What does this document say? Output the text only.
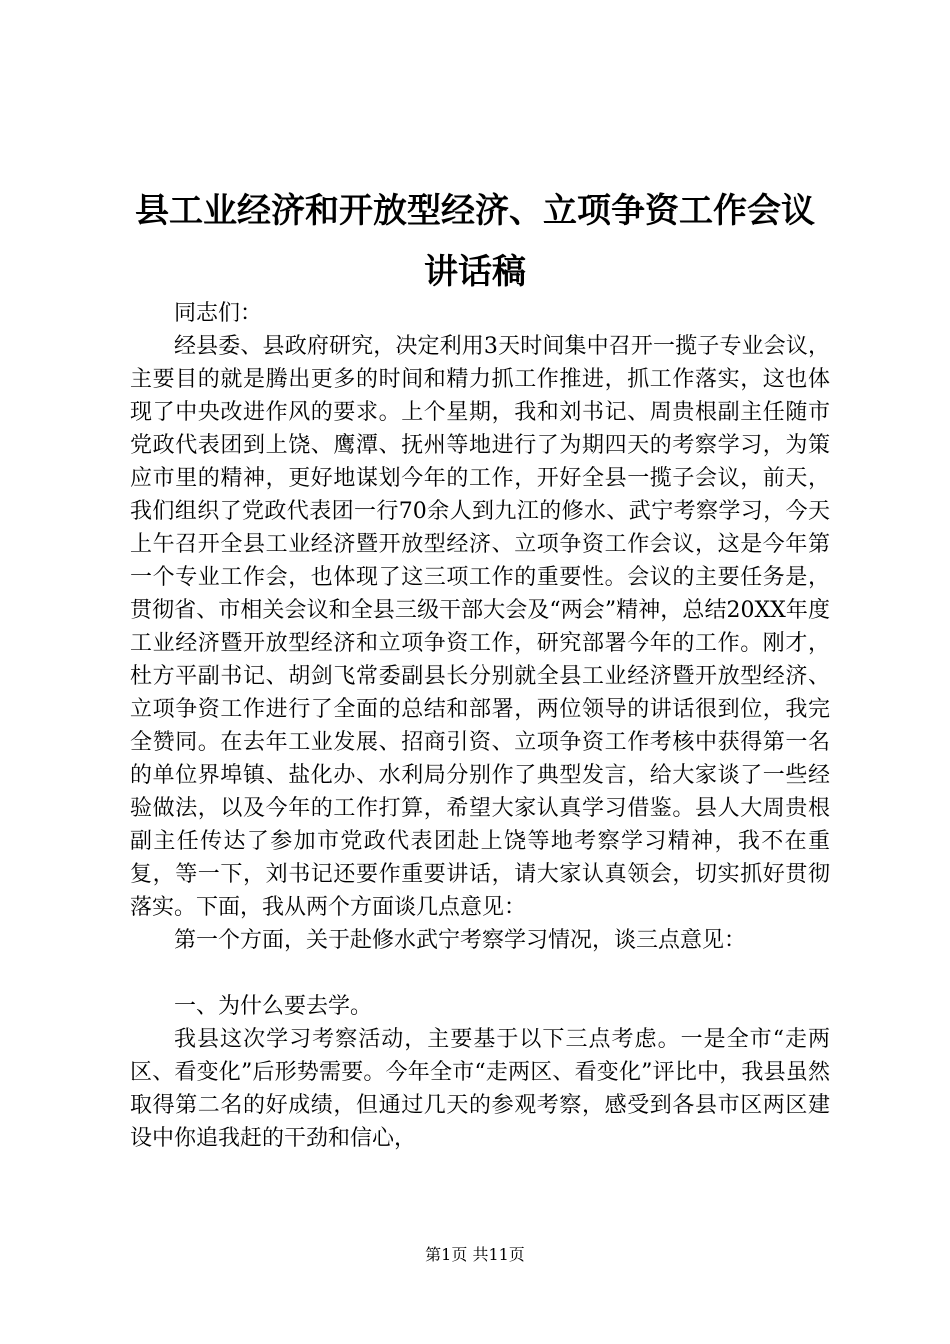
县工业经济和开放型经济、立项争资工作会议
讲话稿

同志们：

经县委、县政府研究，决定利用3天时间集中召开一揽子专业会议，主要目的就是腾出更多的时间和精力抓工作推进，抓工作落实，这也体现了中央改进作风的要求。上个星期，我和刘书记、周贵根副主任随市党政代表团到上饶、鹰潭、抚州等地进行了为期四天的考察学习，为策应市里的精神，更好地谋划今年的工作，开好全县一揽子会议，前天，我们组织了党政代表团一行70余人到九江的修水、武宁考察学习，今天上午召开全县工业经济暨开放型经济、立项争资工作会议，这是今年第一个专业工作会，也体现了这三项工作的重要性。会议的主要任务是，贯彻省、市相关会议和全县三级干部大会及“两会”精神，总结20XX年度工业经济暨开放型经济和立项争资工作，研究部署今年的工作。刚才，杜方平副书记、胡剑飞常委副县长分别就全县工业经济暨开放型经济、立项争资工作进行了全面的总结和部署，两位领导的讲话很到位，我完全赞同。在去年工业发展、招商引资、立项争资工作考核中获得第一名的单位界埠镇、盐化办、水利局分别作了典型发言，给大家谈了一些经验做法，以及今年的工作打算，希望大家认真学习借鉴。县人大周贵根副主任传达了参加市党政代表团赴上饶等地考察学习精神，我不在重复，等一下，刘书记还要作重要讲话，请大家认真领会，切实抓好贯彻落实。下面，我从两个方面谈几点意见：

第一个方面，关于赴修水武宁考察学习情况，谈三点意见：

一、为什么要去学。

我县这次学习考察活动，主要基于以下三点考虑。一是全市“走两区、看变化”后形势需要。今年全市“走两区、看变化”评比中，我县虽然取得第二名的好成绩，但通过几天的参观考察，感受到各县市区两区建设中你追我赶的干劲和信心，

第1页 共11页
